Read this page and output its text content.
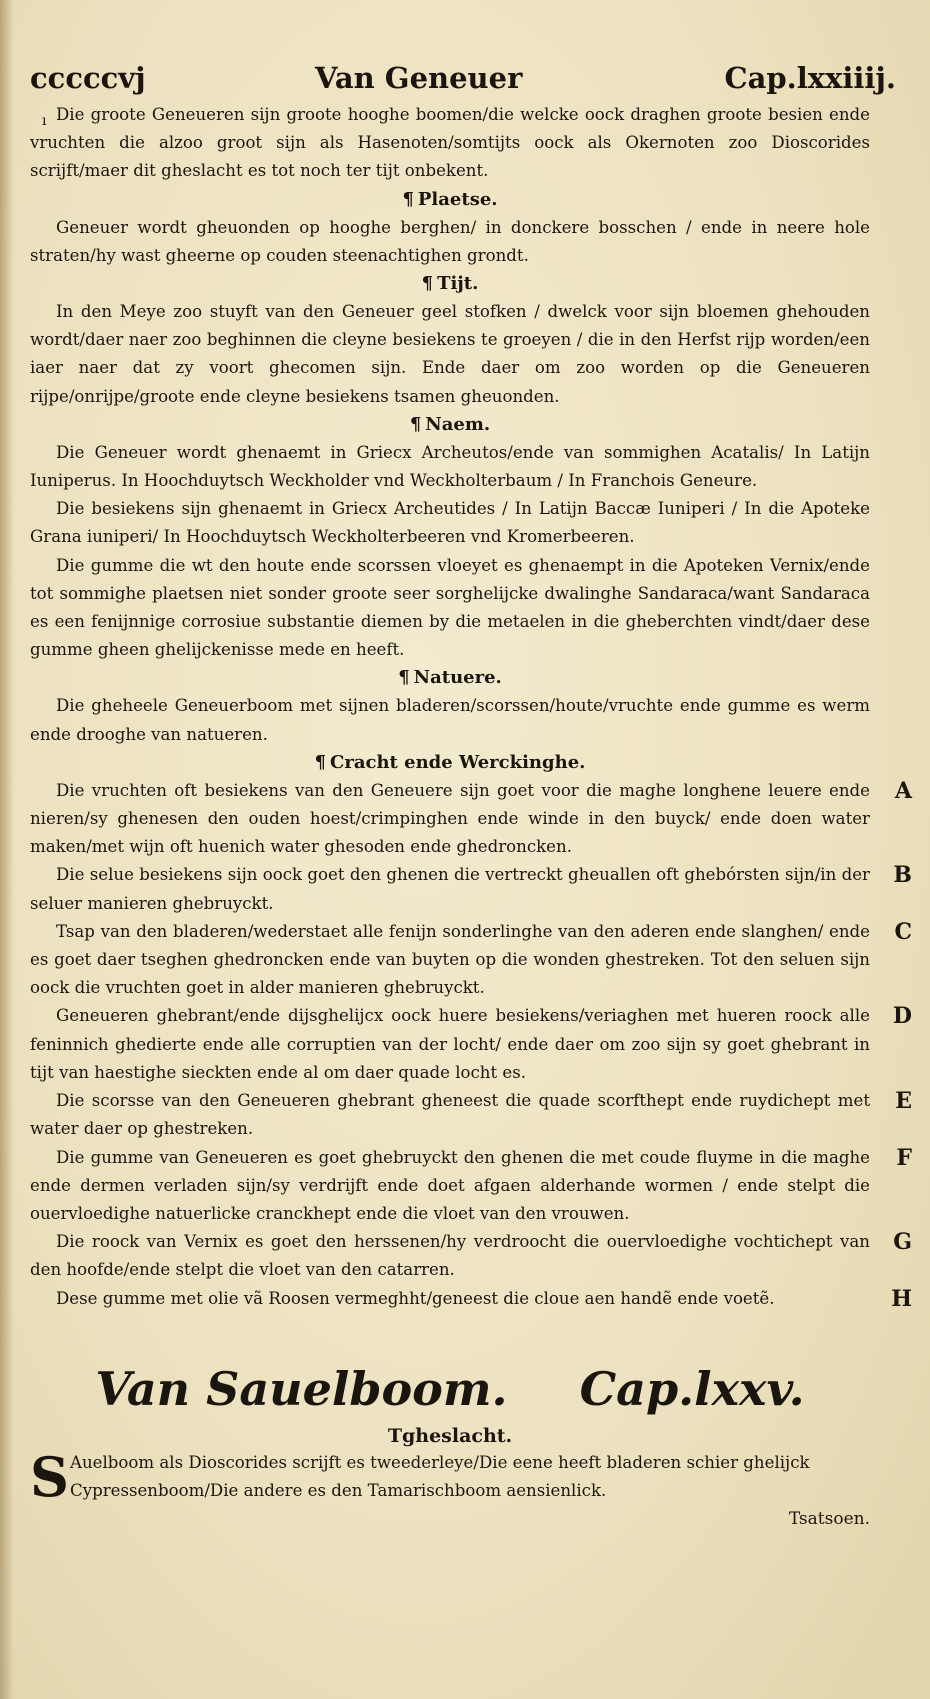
cccccvj	Van Geneuer	Cap.lxxiiij.

ı Die groote Geneueren sijn groote hooghe boomen/die welcke oock draghen groote besien ende vruchten die alzoo groot sijn als Hasenoten/somtijts oock als Okernoten zoo Dioscorides scrijft/maer dit gheslacht es tot noch ter tijt onbekent.

¶ Plaetse.

Geneuer wordt gheuonden op hooghe berghen/ in donckere bosschen / ende in neere hole straten/hy wast gheerne op couden steenachtighen grondt.

¶ Tijt.

In den Meye zoo stuyft van den Geneuer geel stofken / dwelck voor sijn bloemen ghehouden wordt/daer naer zoo beghinnen die cleyne besiekens te groeyen / die in den Herfst rijp worden/een iaer naer dat zy voort ghecomen sijn. Ende daer om zoo worden op die Geneueren rijpe/onrijpe/groote ende cleyne besiekens tsamen gheuonden.

¶ Naem.

Die Geneuer wordt ghenaemt in Griecx Archeutos/ende van sommighen Acatalis/ In Latijn Iuniperus. In Hoochduytsch Weckholder vnd Weckholterbaum / In Franchois Geneure.

Die besiekens sijn ghenaemt in Griecx Archeutides / In Latijn Baccæ Iuniperi / In die Apoteke Grana iuniperi/ In Hoochduytsch Weckholterbeeren vnd Kromerbeeren.

Die gumme die wt den houte ende scorssen vloeyet es ghenaempt in die Apoteken Vernix/ende tot sommighe plaetsen niet sonder groote seer sorghelijcke dwalinghe Sandaraca/want Sandaraca es een fenijnnige corrosiue substantie diemen by die metaelen in die gheberchten vindt/daer dese gumme gheen ghelijckenisse mede en heeft.

¶ Natuere.

Die gheheele Geneuerboom met sijnen bladeren/scorssen/houte/vruchte ende gumme es werm ende drooghe van natueren.

¶ Cracht ende Werckinghe.

Die vruchten oft besiekens van den Geneuere sijn goet voor die maghe longhene leuere ende nieren/sy ghenesen den ouden hoest/crimpinghen ende winde in den buyck/ ende doen water maken/met wijn oft huenich water ghesoden ende ghedroncken.
A

Die selue besiekens sijn oock goet den ghenen die vertreckt gheuallen oft ghebórsten sijn/in der seluer manieren ghebruyckt.
B

Tsap van den bladeren/wederstaet alle fenijn sonderlinghe van den aderen ende slanghen/ ende es goet daer tseghen ghedroncken ende van buyten op die wonden ghestreken. Tot den seluen sijn oock die vruchten goet in alder manieren ghebruyckt.
C

Geneueren ghebrant/ende dijsghelijcx oock huere besiekens/veriaghen met hueren roock alle feninnich ghedierte ende alle corruptien van der locht/ ende daer om zoo sijn sy goet ghebrant in tijt van haestighe sieckten ende al om daer quade locht es.
D

Die scorsse van den Geneueren ghebrant gheneest die quade scorfthept ende ruydichept met water daer op ghestreken.
E

Die gumme van Geneueren es goet ghebruyckt den ghenen die met coude fluyme in die maghe ende dermen verladen sijn/sy verdrijft ende doet afgaen alderhande wormen / ende stelpt die ouervloedighe natuerlicke cranckhept ende die vloet van den vrouwen.
F

Die roock van Vernix es goet den herssenen/hy verdroocht die ouervloedighe vochtichept van den hoofde/ende stelpt die vloet van den catarren.
G

Dese gumme met olie vã Roosen vermeghht/geneest die cloue aen handẽ ende voetẽ.	H

Van Sauelboom. Cap.lxxv.

Tgheslacht.

S Auelboom als Dioscorides scrijft es tweederleye/Die eene heeft bladeren schier ghelijck Cypressenboom/Die andere es den Tamarischboom aensienlick.

Tsatsoen.
